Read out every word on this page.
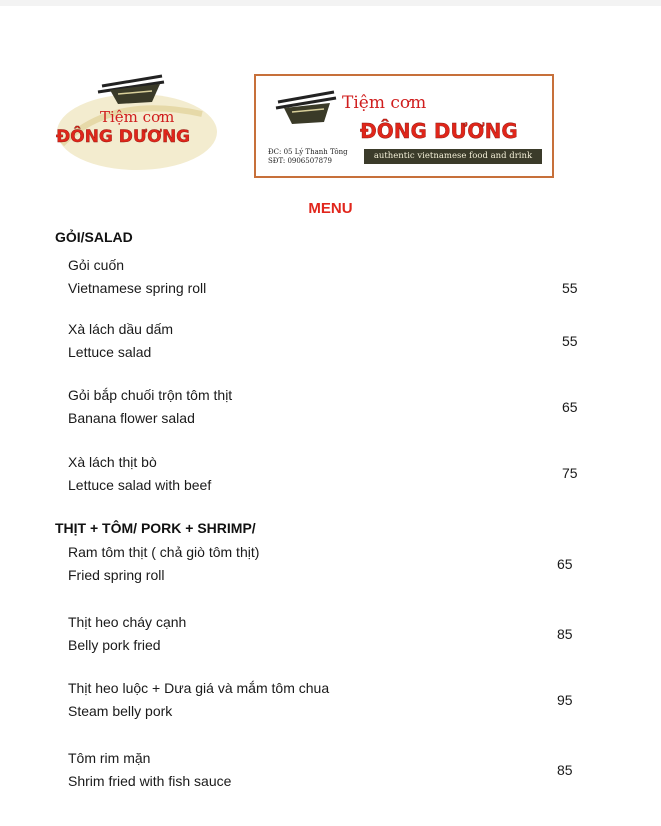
Tiệm cơm
ĐÔNG DƯƠNG
Tiệm cơm
ĐÔNG DƯƠNG
ĐC: 05 Lý Thanh Tông
SĐT: 0906507879	authentic vietnamese food and drink
MENU
GỎI/SALAD
Gỏi cuốn
Vietnamese spring roll	55
Xà lách dầu dấm
Lettuce salad
55
Gỏi bắp chuối trộn tôm thịt
Banana flower salad
65
Xà lách thịt bò
Lettuce salad with beef
75
THỊT + TÔM/ PORK + SHRIMP/
Ram tôm thịt ( chả giò tôm thịt)
Fried spring roll
65
Thịt heo cháy cạnh
Belly pork fried
85
Thịt heo luộc + Dưa giá và mắm tôm chua
Steam belly pork
95
Tôm rim mặn
Shrim fried with fish sauce
85
